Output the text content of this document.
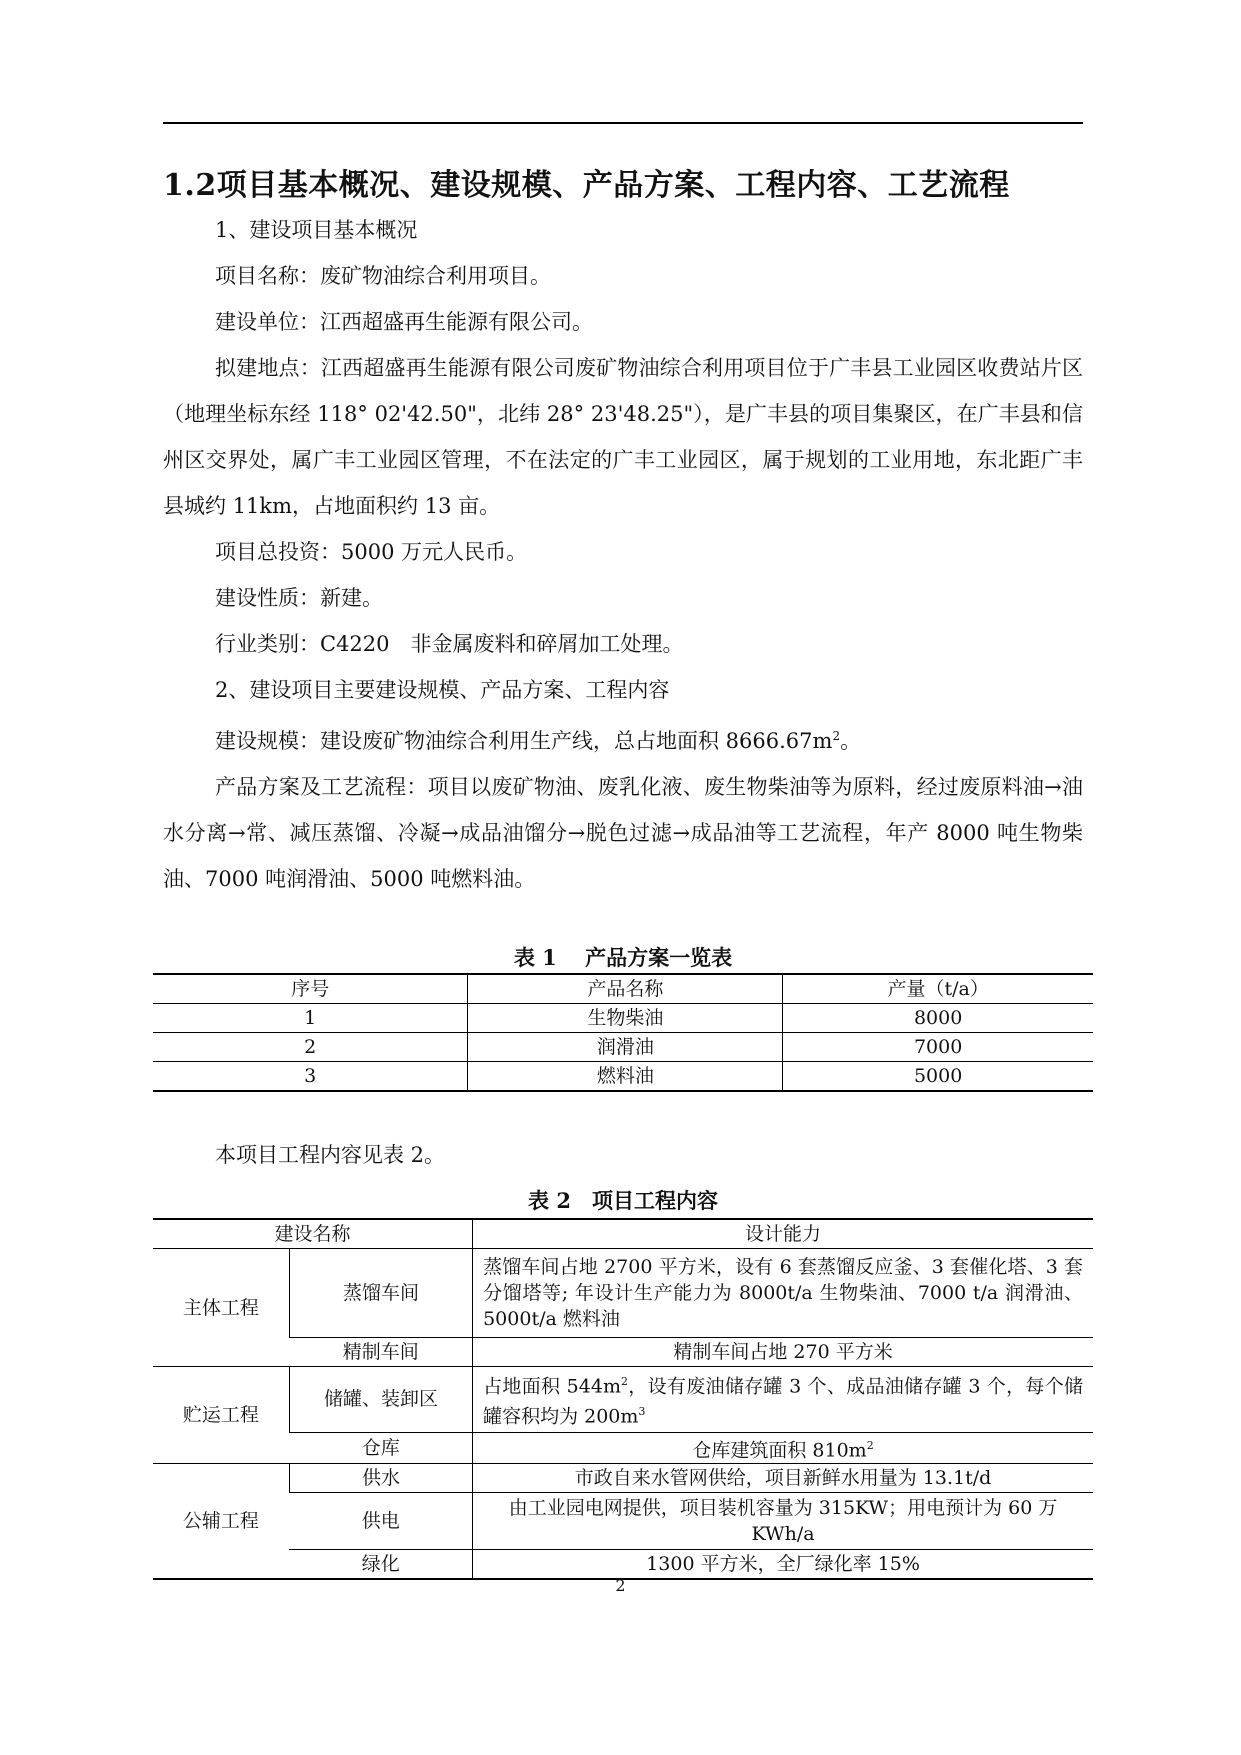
1.2项目基本概况、建设规模、产品方案、工程内容、工艺流程

1、建设项目基本概况

项目名称：废矿物油综合利用项目。

建设单位：江西超盛再生能源有限公司。

拟建地点：江西超盛再生能源有限公司废矿物油综合利用项目位于广丰县工业园区收费站片区（地理坐标东经 118° 02'42.50"，北纬 28° 23'48.25"），是广丰县的项目集聚区，在广丰县和信州区交界处，属广丰工业园区管理，不在法定的广丰工业园区，属于规划的工业用地，东北距广丰县城约 11km，占地面积约 13 亩。

项目总投资：5000 万元人民币。

建设性质：新建。

行业类别：C4220　非金属废料和碎屑加工处理。

2、建设项目主要建设规模、产品方案、工程内容

建设规模：建设废矿物油综合利用生产线，总占地面积 $8666.67m^2$。

产品方案及工艺流程：项目以废矿物油、废乳化液、废生物柴油等为原料，经过废原料油→油水分离→常、减压蒸馏、冷凝→成品油馏分→脱色过滤→成品油等工艺流程，年产 8000 吨生物柴油、7000 吨润滑油、5000 吨燃料油。

表 1　 产品方案一览表
序号	产品名称	产量（t/a）
1	生物柴油	8000
2	润滑油	7000
3	燃料油	5000

本项目工程内容见表 2。

表 2　项目工程内容
建设名称		设计能力
主体工程	蒸馏车间	蒸馏车间占地 2700 平方米，设有 6 套蒸馏反应釜、3 套催化塔、3 套分馏塔等; 年设计生产能力为 8000t/a 生物柴油、7000 t/a 润滑油、5000t/a 燃料油
	精制车间	精制车间占地 270 平方米
贮运工程	储罐、装卸区	占地面积 $544m^2$，设有废油储存罐 3 个、成品油储存罐 3 个，每个储罐容积均为 $200m^3$
	仓库	仓库建筑面积 $810m^2$
公辅工程	供水	市政自来水管网供给，项目新鲜水用量为 13.1t/d
	供电	由工业园电网提供，项目装机容量为 315KW；用电预计为 60 万 KWh/a
	绿化	1300 平方米，全厂绿化率 15%
2
